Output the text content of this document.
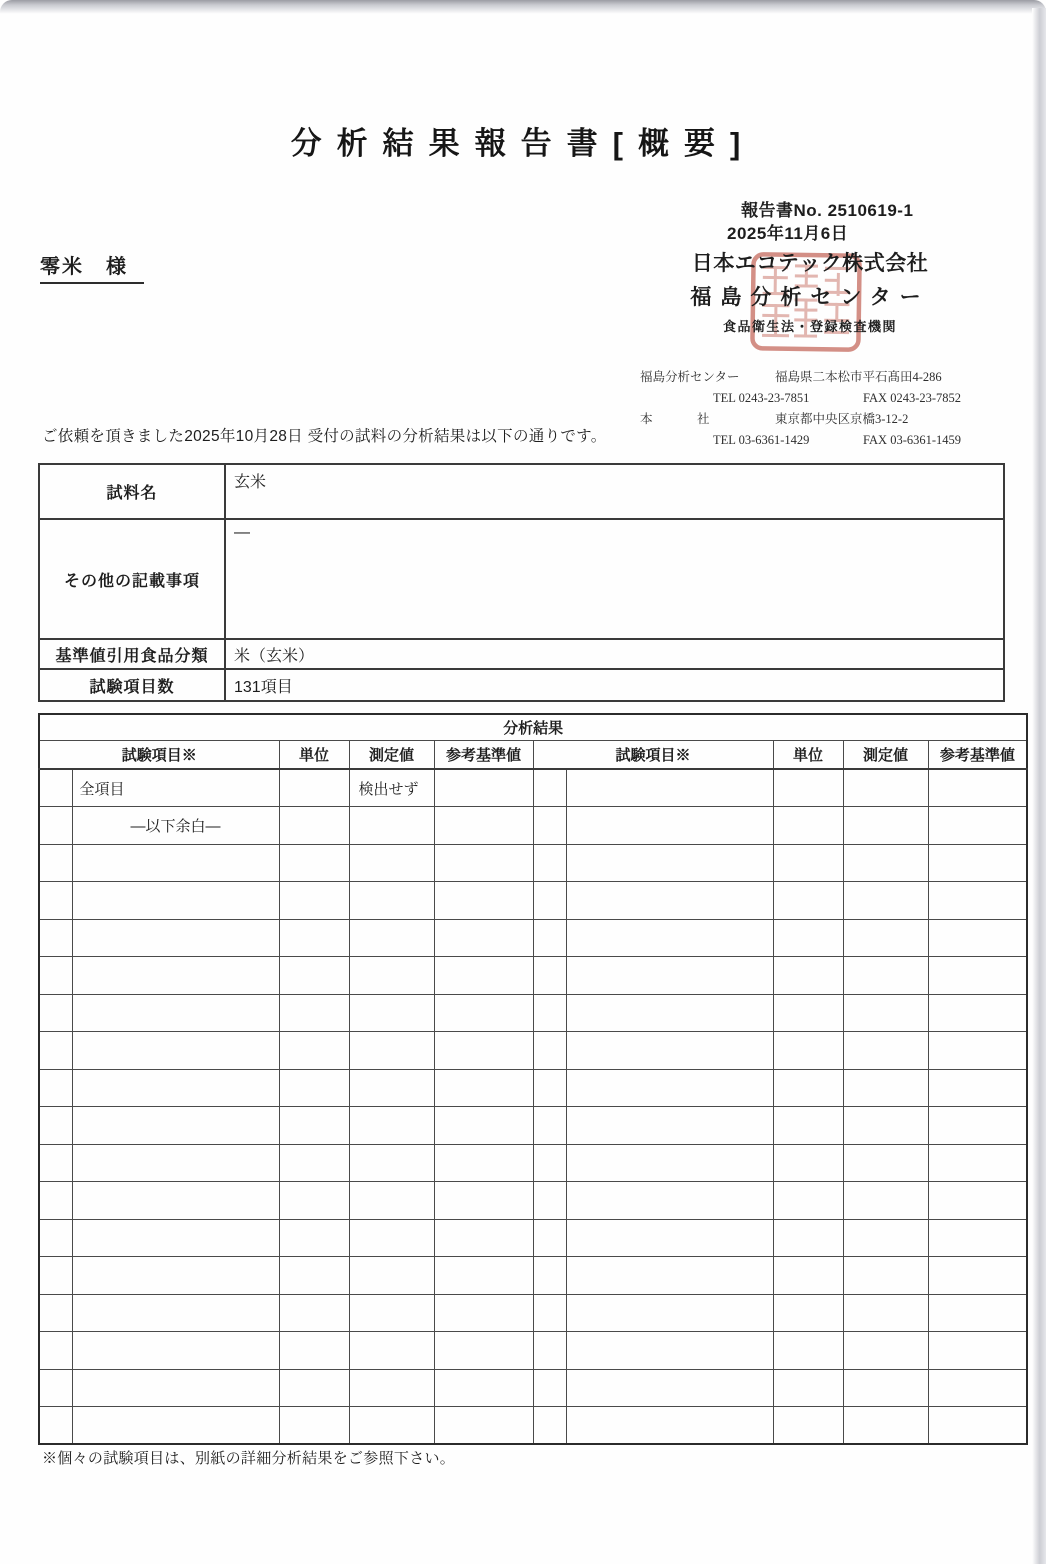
分析結果報告書[概要]
報告書No. 2510619-1
2025年11月6日
零米　様	日本エコテック株式会社
福島分析センター
食品衛生法・登録検査機関
福島分析センター	福島県二本松市平石髙田4-286
TEL 0243-23-7851	FAX 0243-23-7852
本	社	東京都中央区京橋3-12-2
TEL 03-6361-1429	FAX 03-6361-1459
ご依頼を頂きました2025年10月28日 受付の試料の分析結果は以下の通りです。
試料名	玄米
その他の記載事項	—
基準値引用食品分類	米（玄米）
試験項目数	131項目
分析結果									
試験項目※		単位	測定値	参考基準値	試験項目※		単位	測定値	参考基準値
	全項目		検出せず						
	—以下余白—								

※個々の試験項目は、別紙の詳細分析結果をご参照下さい。
